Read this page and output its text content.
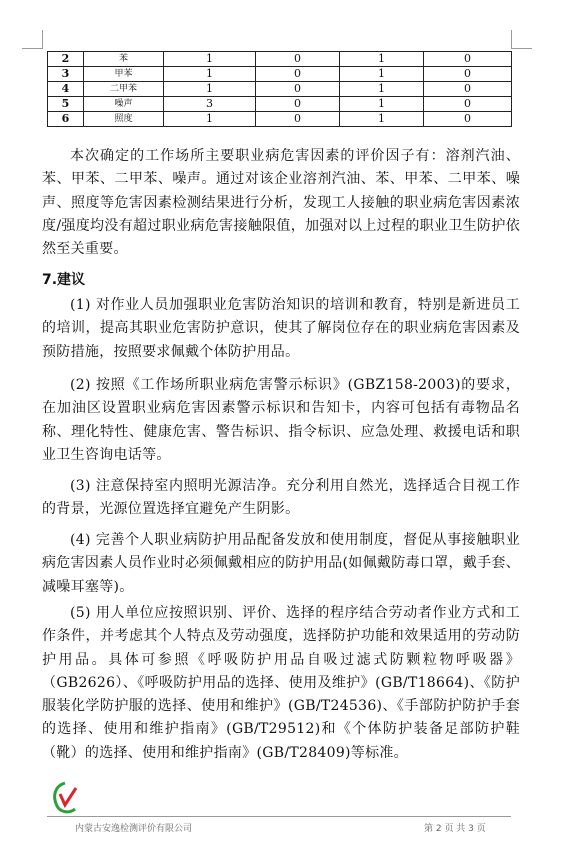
2	苯	1	0	1	0
3	甲苯	1	0	1	0
4	二甲苯	1	0	1	0
5	噪声	3	0	1	0
6	照度	1	0	1	0

本次确定的工作场所主要职业病危害因素的评价因子有：溶剂汽油、苯、甲苯、二甲苯、噪声。通过对该企业溶剂汽油、苯、甲苯、二甲苯、噪声、照度等危害因素检测结果进行分析，发现工人接触的职业病危害因素浓度/强度均没有超过职业病危害接触限值，加强对以上过程的职业卫生防护依然至关重要。

7.建议

(1) 对作业人员加强职业危害防治知识的培训和教育，特别是新进员工的培训，提高其职业危害防护意识，使其了解岗位存在的职业病危害因素及预防措施，按照要求佩戴个体防护用品。

(2) 按照《工作场所职业病危害警示标识》(GBZ158-2003)的要求，在加油区设置职业病危害因素警示标识和告知卡，内容可包括有毒物品名称、理化特性、健康危害、警告标识、指令标识、应急处理、救援电话和职业卫生咨询电话等。

(3) 注意保持室内照明光源洁净。充分利用自然光，选择适合目视工作的背景，光源位置选择宜避免产生阴影。

(4) 完善个人职业病防护用品配备发放和使用制度，督促从事接触职业病危害因素人员作业时必须佩戴相应的防护用品(如佩戴防毒口罩，戴手套、减噪耳塞等)。

(5) 用人单位应按照识别、评价、选择的程序结合劳动者作业方式和工作条件，并考虑其个人特点及劳动强度，选择防护功能和效果适用的劳动防护用品。具体可参照《呼吸防护用品自吸过滤式防颗粒物呼吸器》（GB2626）、《呼吸防护用品的选择、使用及维护》(GB/T18664)、《防护服装化学防护服的选择、使用和维护》(GB/T24536)、《手部防护防护手套的选择、使用和维护指南》(GB/T29512)和《个体防护装备足部防护鞋（靴）的选择、使用和维护指南》(GB/T28409)等标准。

内蒙古安逸检测评价有限公司	第 2 页 共 3 页
